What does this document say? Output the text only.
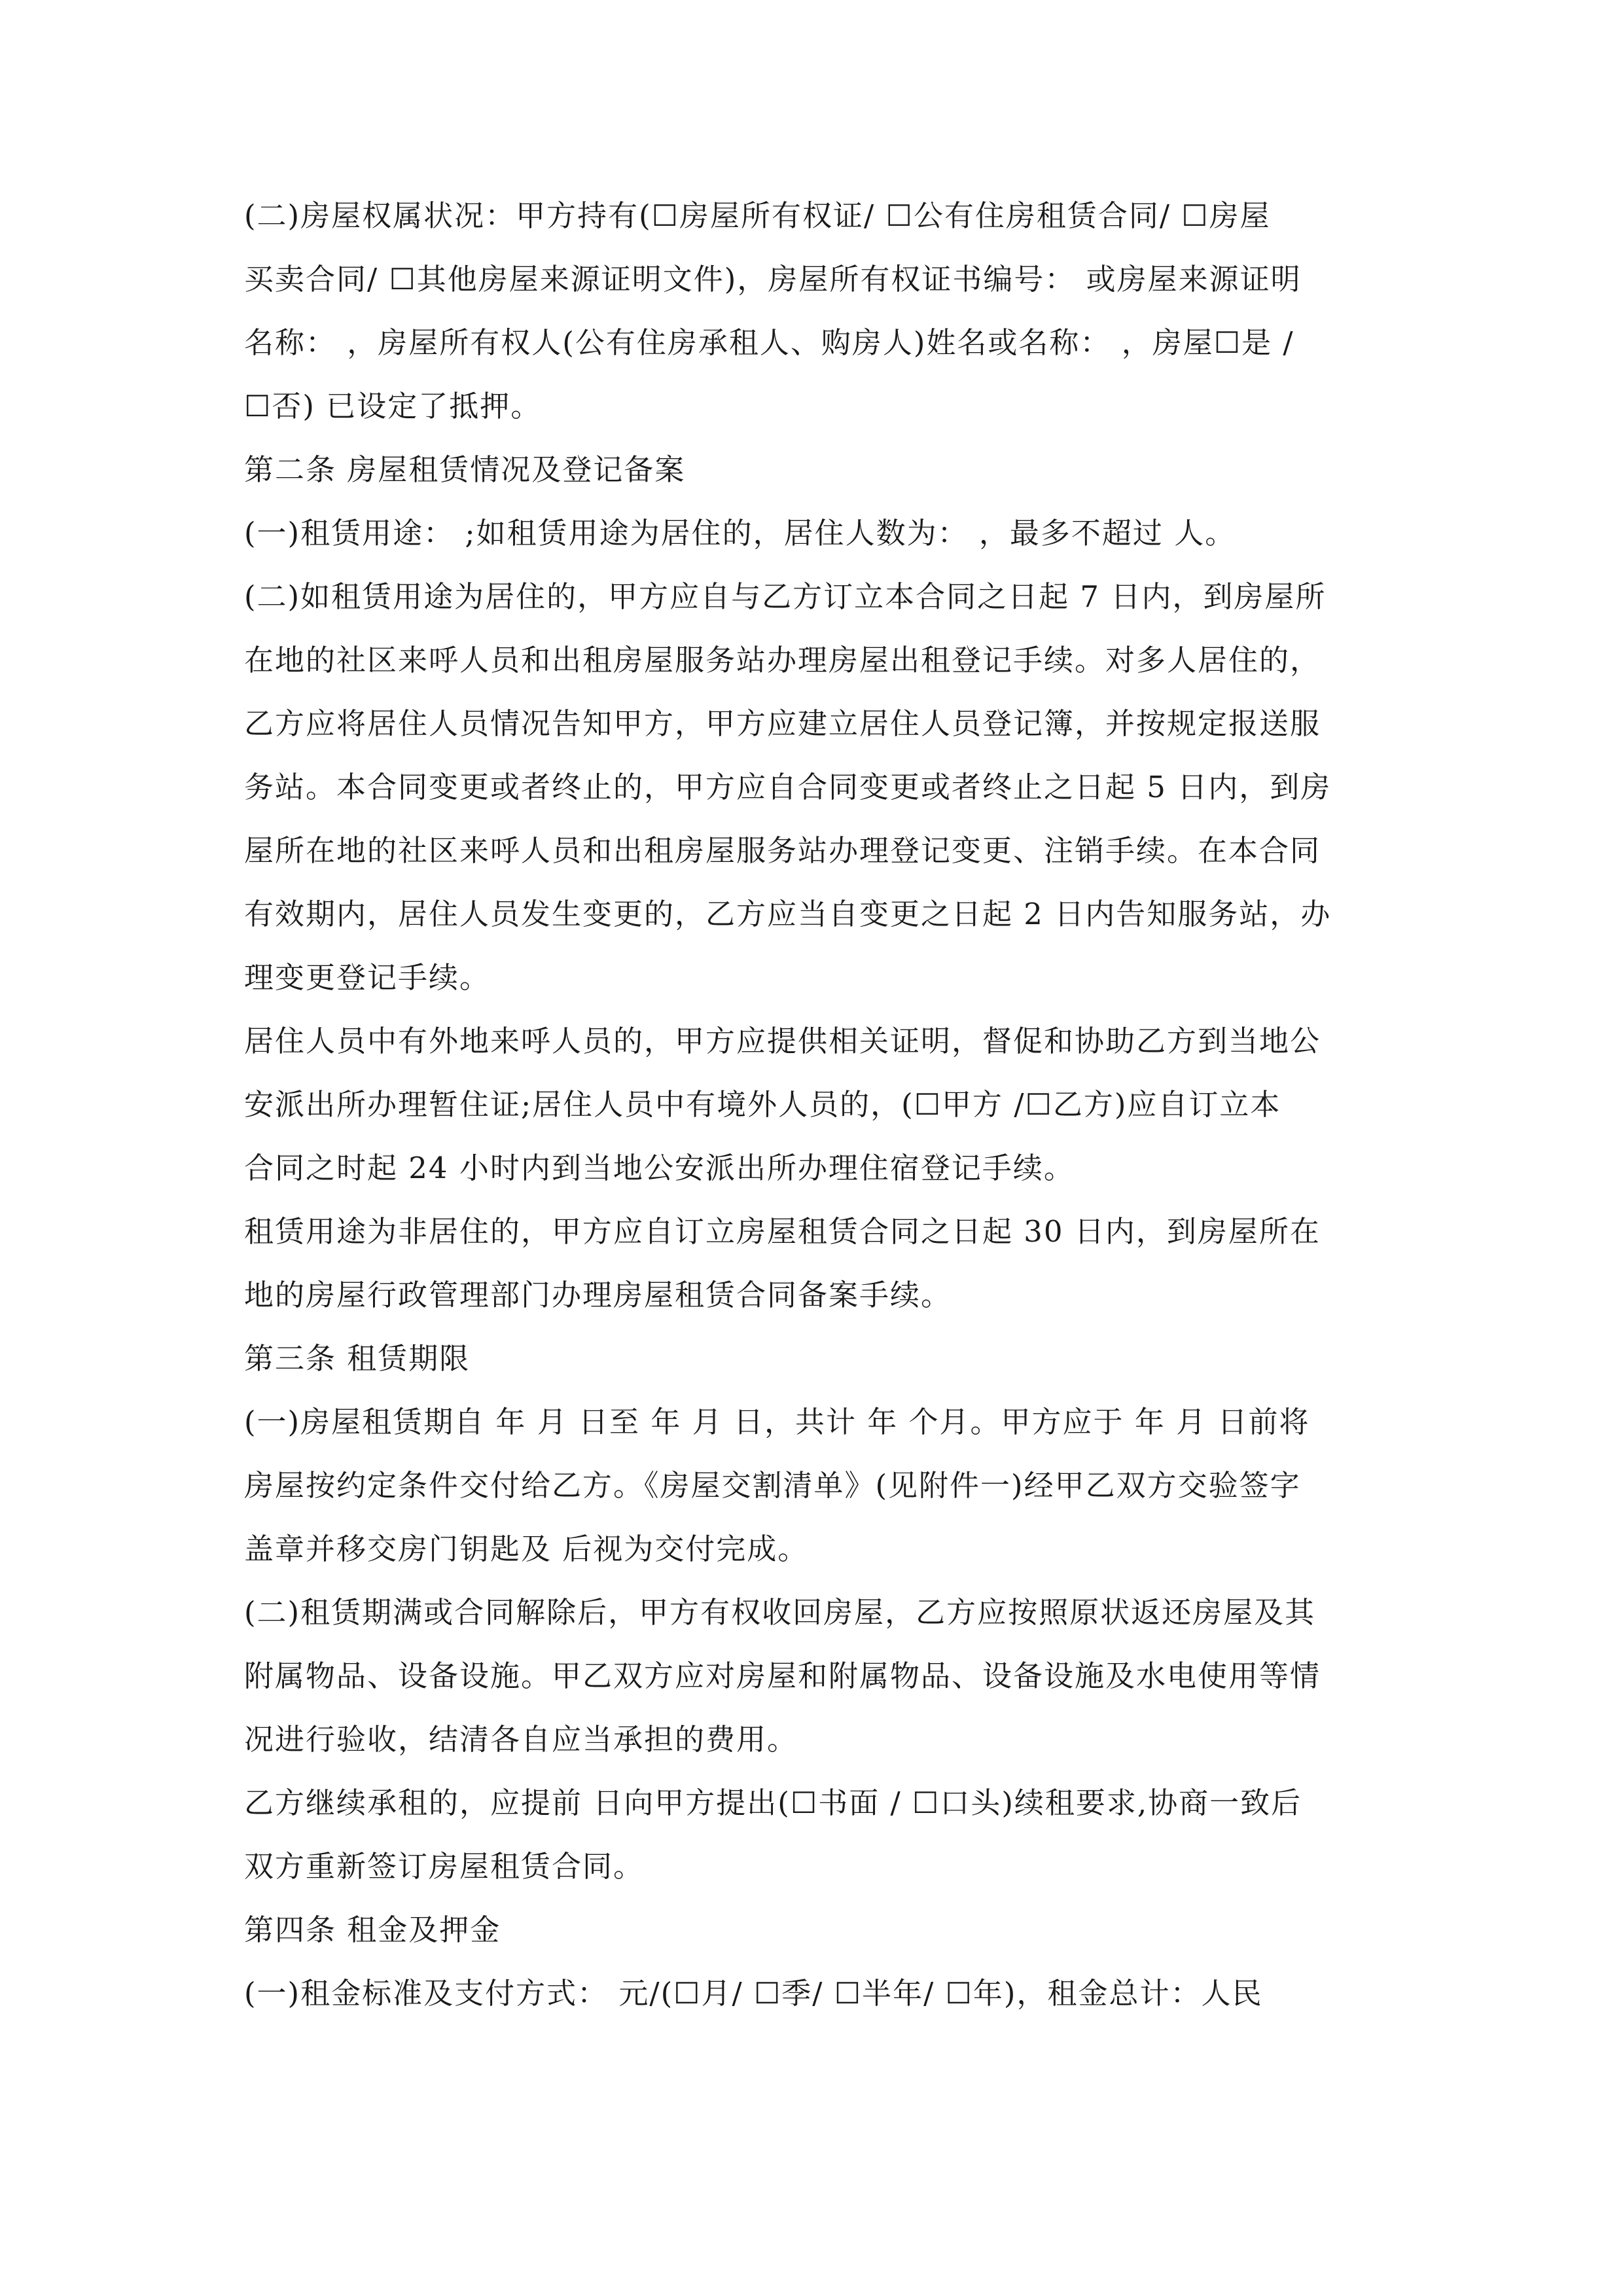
(二)房屋权属状况：甲方持有(☐房屋所有权证/ ☐公有住房租赁合同/ ☐房屋
买卖合同/ ☐其他房屋来源证明文件)，房屋所有权证书编号： 或房屋来源证明
名称： ，房屋所有权人(公有住房承租人、购房人)姓名或名称： ，房屋☐是 /
☐否) 已设定了抵押。
第二条 房屋租赁情况及登记备案
(一)租赁用途： ;如租赁用途为居住的，居住人数为： ，最多不超过 人。
(二)如租赁用途为居住的，甲方应自与乙方订立本合同之日起 7 日内，到房屋所
在地的社区来呼人员和出租房屋服务站办理房屋出租登记手续。对多人居住的，
乙方应将居住人员情况告知甲方，甲方应建立居住人员登记簿，并按规定报送服
务站。本合同变更或者终止的，甲方应自合同变更或者终止之日起 5 日内，到房
屋所在地的社区来呼人员和出租房屋服务站办理登记变更、注销手续。在本合同
有效期内，居住人员发生变更的，乙方应当自变更之日起 2 日内告知服务站，办
理变更登记手续。
居住人员中有外地来呼人员的，甲方应提供相关证明，督促和协助乙方到当地公
安派出所办理暂住证;居住人员中有境外人员的，(☐甲方 /☐乙方)应自订立本
合同之时起 24 小时内到当地公安派出所办理住宿登记手续。
租赁用途为非居住的，甲方应自订立房屋租赁合同之日起 30 日内，到房屋所在
地的房屋行政管理部门办理房屋租赁合同备案手续。
第三条 租赁期限
(一)房屋租赁期自 年 月 日至 年 月 日，共计 年 个月。甲方应于 年 月 日前将
房屋按约定条件交付给乙方。《房屋交割清单》(见附件一)经甲乙双方交验签字
盖章并移交房门钥匙及 后视为交付完成。
(二)租赁期满或合同解除后，甲方有权收回房屋，乙方应按照原状返还房屋及其
附属物品、设备设施。甲乙双方应对房屋和附属物品、设备设施及水电使用等情
况进行验收，结清各自应当承担的费用。
乙方继续承租的，应提前 日向甲方提出(☐书面 / ☐口头)续租要求,协商一致后
双方重新签订房屋租赁合同。
第四条 租金及押金
(一)租金标准及支付方式： 元/(☐月/ ☐季/ ☐半年/ ☐年)，租金总计：人民
